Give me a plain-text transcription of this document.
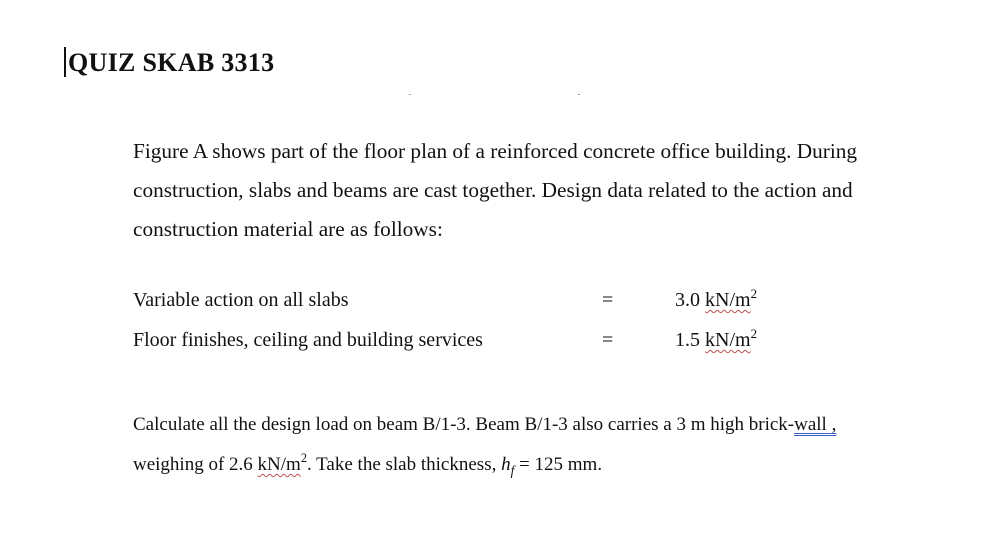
QUIZ SKAB 3313
Figure A shows part of the floor plan of a reinforced concrete office building. During
construction, slabs and beams are cast together. Design data related to the action and
construction material are as follows:
Variable action on all slabs	=	3.0 $kN/m^2$
Floor finishes, ceiling and building services	=	1.5 $kN/m^2$
Calculate all the design load on beam B/1-3. Beam B/1-3 also carries a 3 m high brick-wall ,
weighing of 2.6 $kN/m^2$. Take the slab thickness, $h_f = 125$ mm.
